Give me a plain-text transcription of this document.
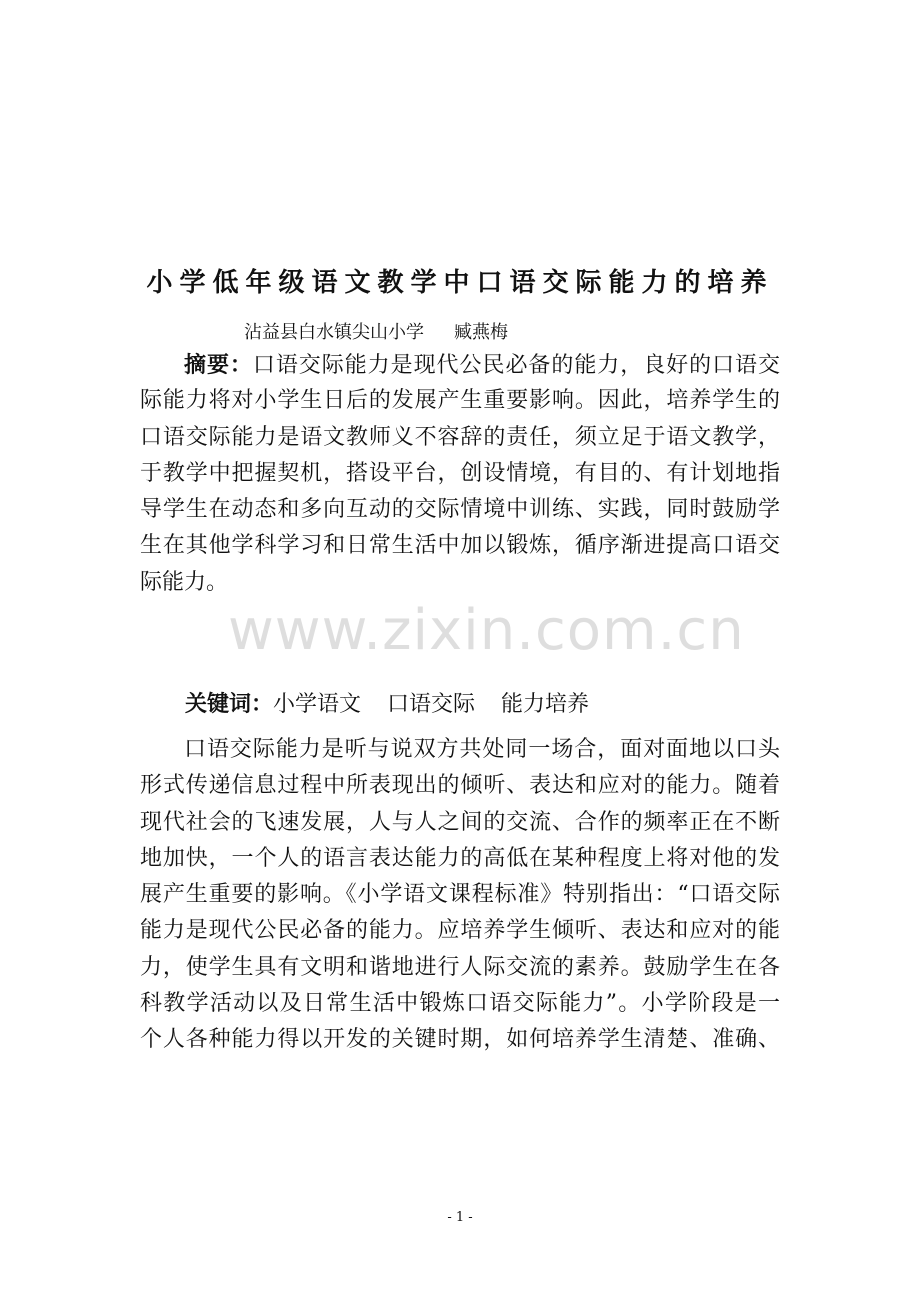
小学低年级语文教学中口语交际能力的培养
沾益县白水镇尖山小学 臧燕梅
摘要：口语交际能力是现代公民必备的能力，良好的口语交
际能力将对小学生日后的发展产生重要影响。因此，培养学生的
口语交际能力是语文教师义不容辞的责任，须立足于语文教学，
于教学中把握契机，搭设平台，创设情境，有目的、有计划地指
导学生在动态和多向互动的交际情境中训练、实践，同时鼓励学
生在其他学科学习和日常生活中加以锻炼，循序渐进提高口语交
际能力。
www.zixin.com.cn
关键词：小学语文 口语交际 能力培养
口语交际能力是听与说双方共处同一场合，面对面地以口头
形式传递信息过程中所表现出的倾听、表达和应对的能力。随着
现代社会的飞速发展，人与人之间的交流、合作的频率正在不断
地加快，一个人的语言表达能力的高低在某种程度上将对他的发
展产生重要的影响。《小学语文课程标准》特别指出：“口语交际
能力是现代公民必备的能力。应培养学生倾听、表达和应对的能
力，使学生具有文明和谐地进行人际交流的素养。鼓励学生在各
科教学活动以及日常生活中锻炼口语交际能力”。小学阶段是一
个人各种能力得以开发的关键时期，如何培养学生清楚、准确、
- 1 -
